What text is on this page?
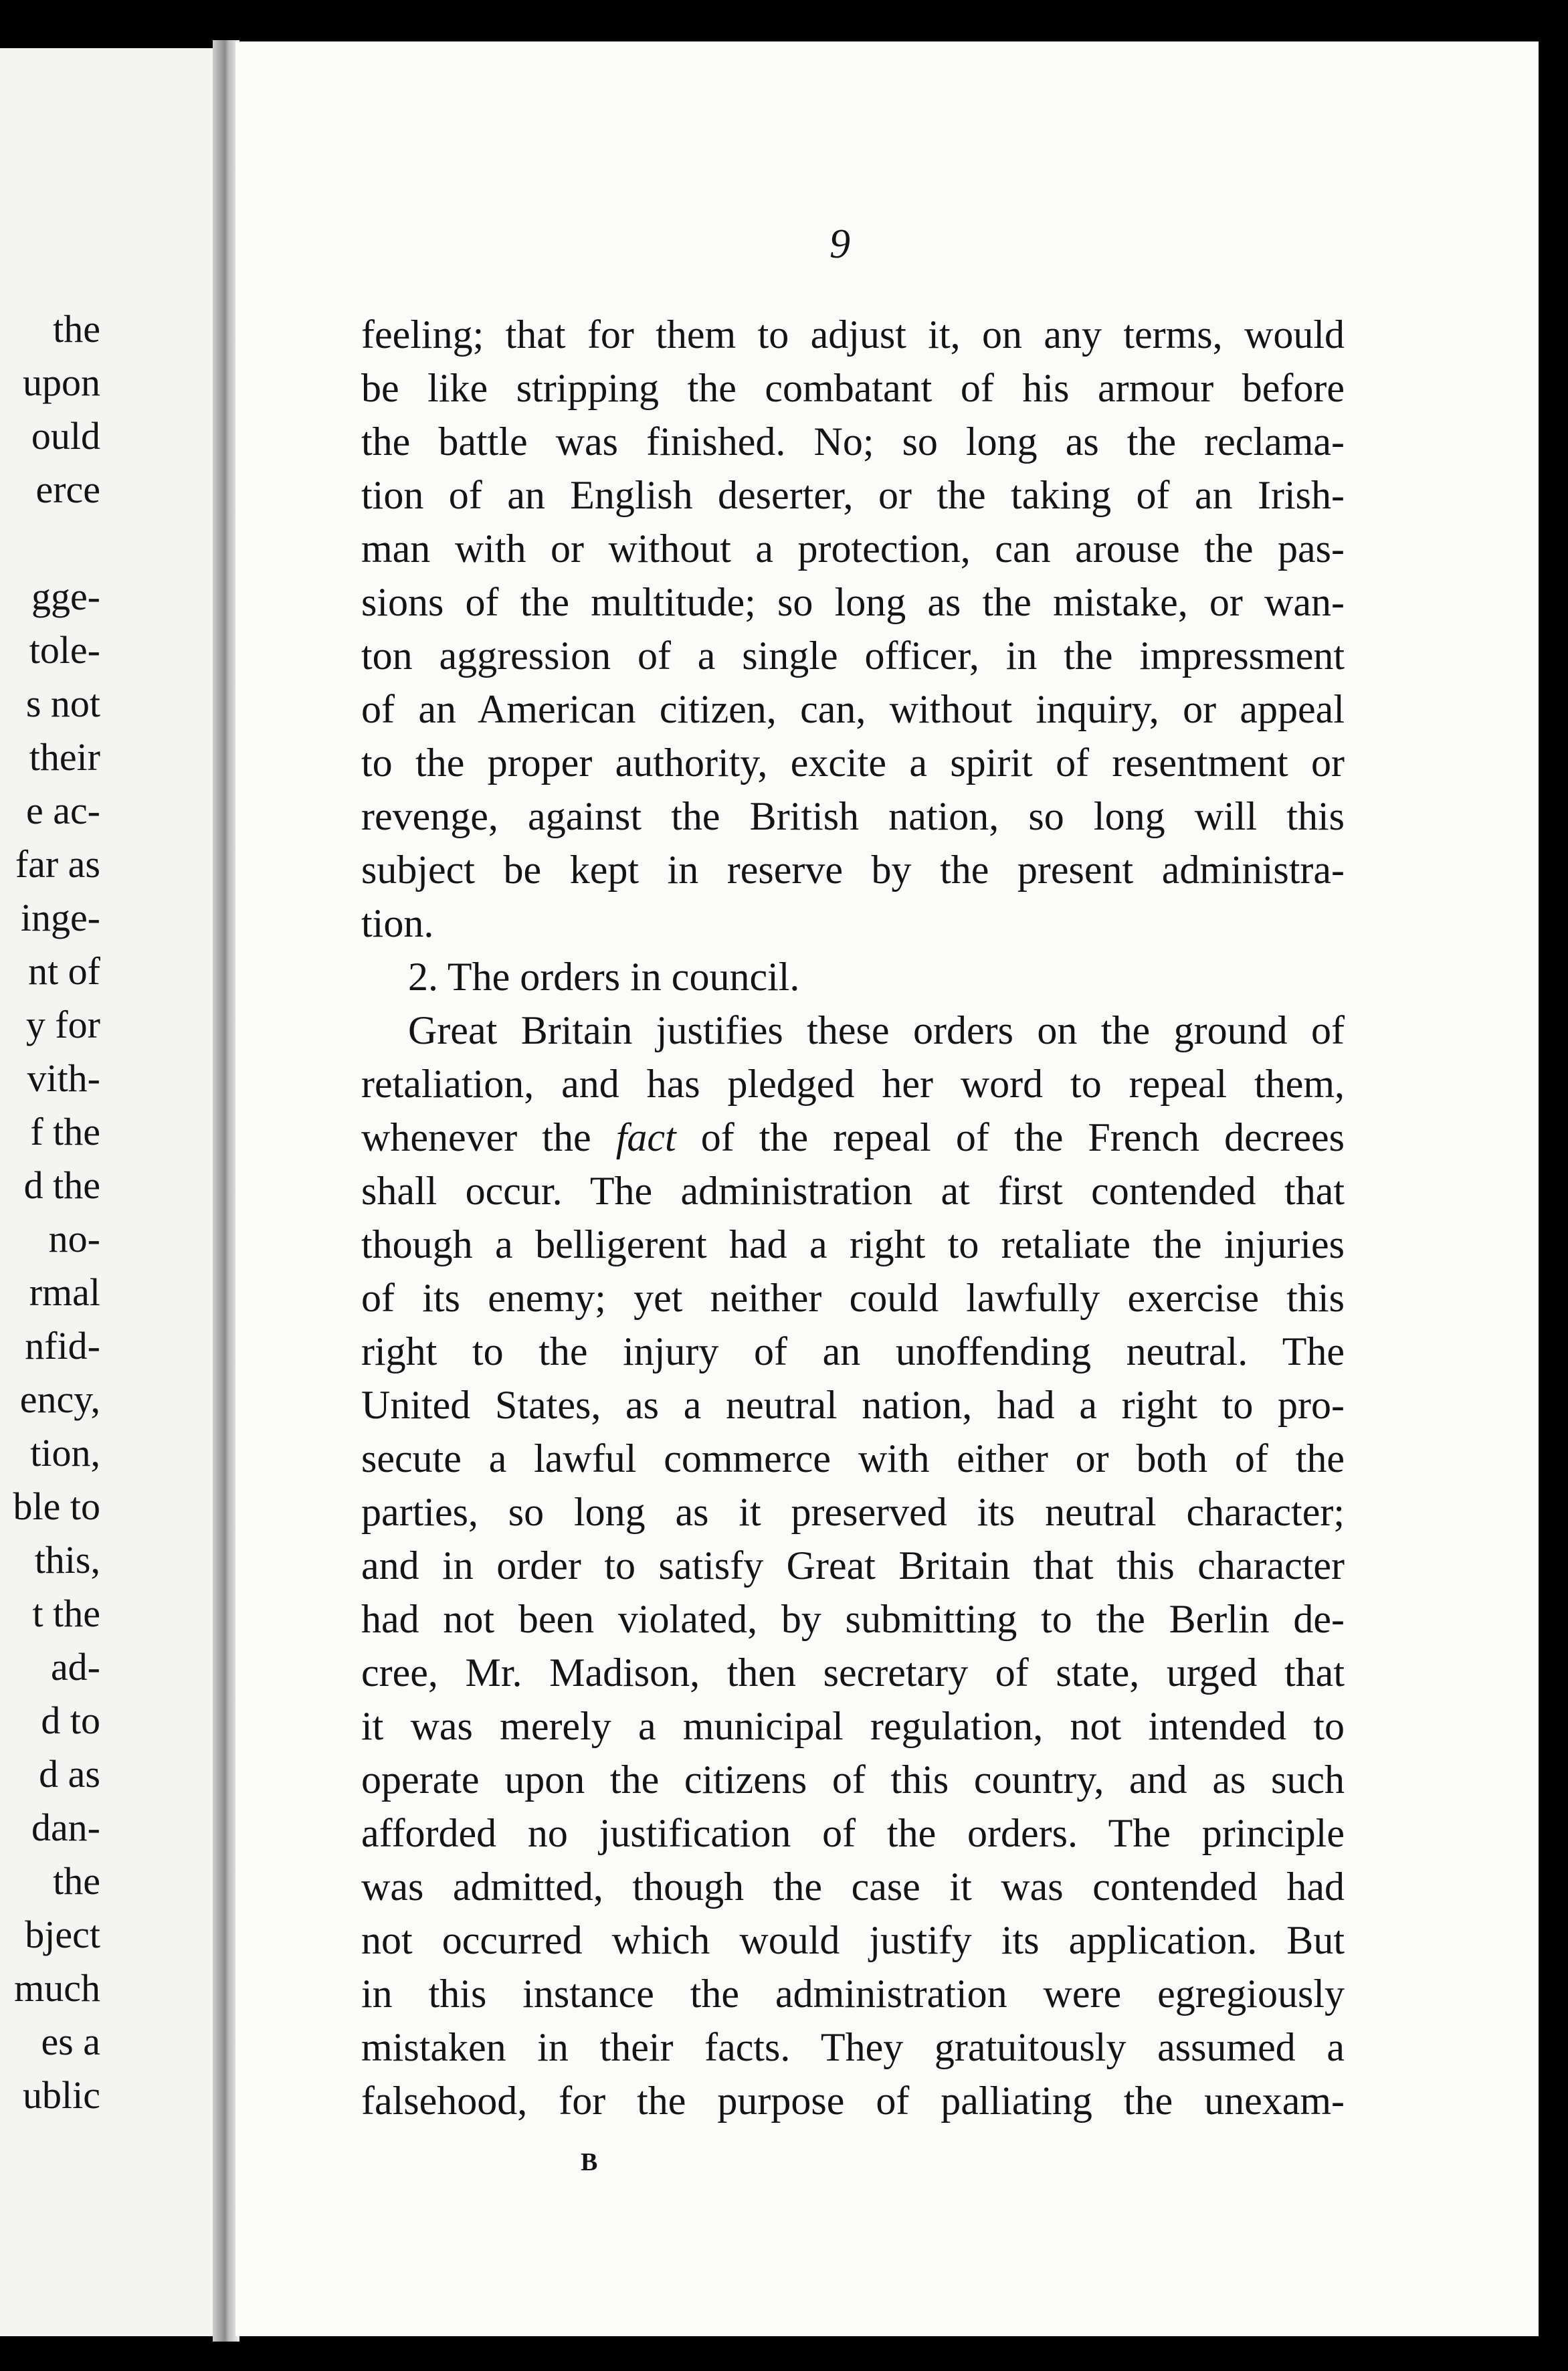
the
upon
ould
erce
gge-
tole-
s not
their
e ac-
far as
inge-
nt of
y for
vith-
f the
d the
no-
rmal
nfid-
ency,
tion,
ble to
this,
t the
ad-
d to
d as
dan-
the
bject
much
es a
ublic
9
feeling; that for them to adjust it, on any terms, would
be like stripping the combatant of his armour before
the battle was finished. No; so long as the reclama-
tion of an English deserter, or the taking of an Irish-
man with or without a protection, can arouse the pas-
sions of the multitude; so long as the mistake, or wan-
ton aggression of a single officer, in the impressment
of an American citizen, can, without inquiry, or appeal
to the proper authority, excite a spirit of resentment or
revenge, against the British nation, so long will this
subject be kept in reserve by the present administra-
tion.
2. The orders in council.
Great Britain justifies these orders on the ground of
retaliation, and has pledged her word to repeal them,
whenever the fact of the repeal of the French decrees
shall occur. The administration at first contended that
though a belligerent had a right to retaliate the injuries
of its enemy; yet neither could lawfully exercise this
right to the injury of an unoffending neutral. The
United States, as a neutral nation, had a right to pro-
secute a lawful commerce with either or both of the
parties, so long as it preserved its neutral character;
and in order to satisfy Great Britain that this character
had not been violated, by submitting to the Berlin de-
cree, Mr. Madison, then secretary of state, urged that
it was merely a municipal regulation, not intended to
operate upon the citizens of this country, and as such
afforded no justification of the orders. The principle
was admitted, though the case it was contended had
not occurred which would justify its application. But
in this instance the administration were egregiously
mistaken in their facts. They gratuitously assumed a
falsehood, for the purpose of palliating the unexam-
B
